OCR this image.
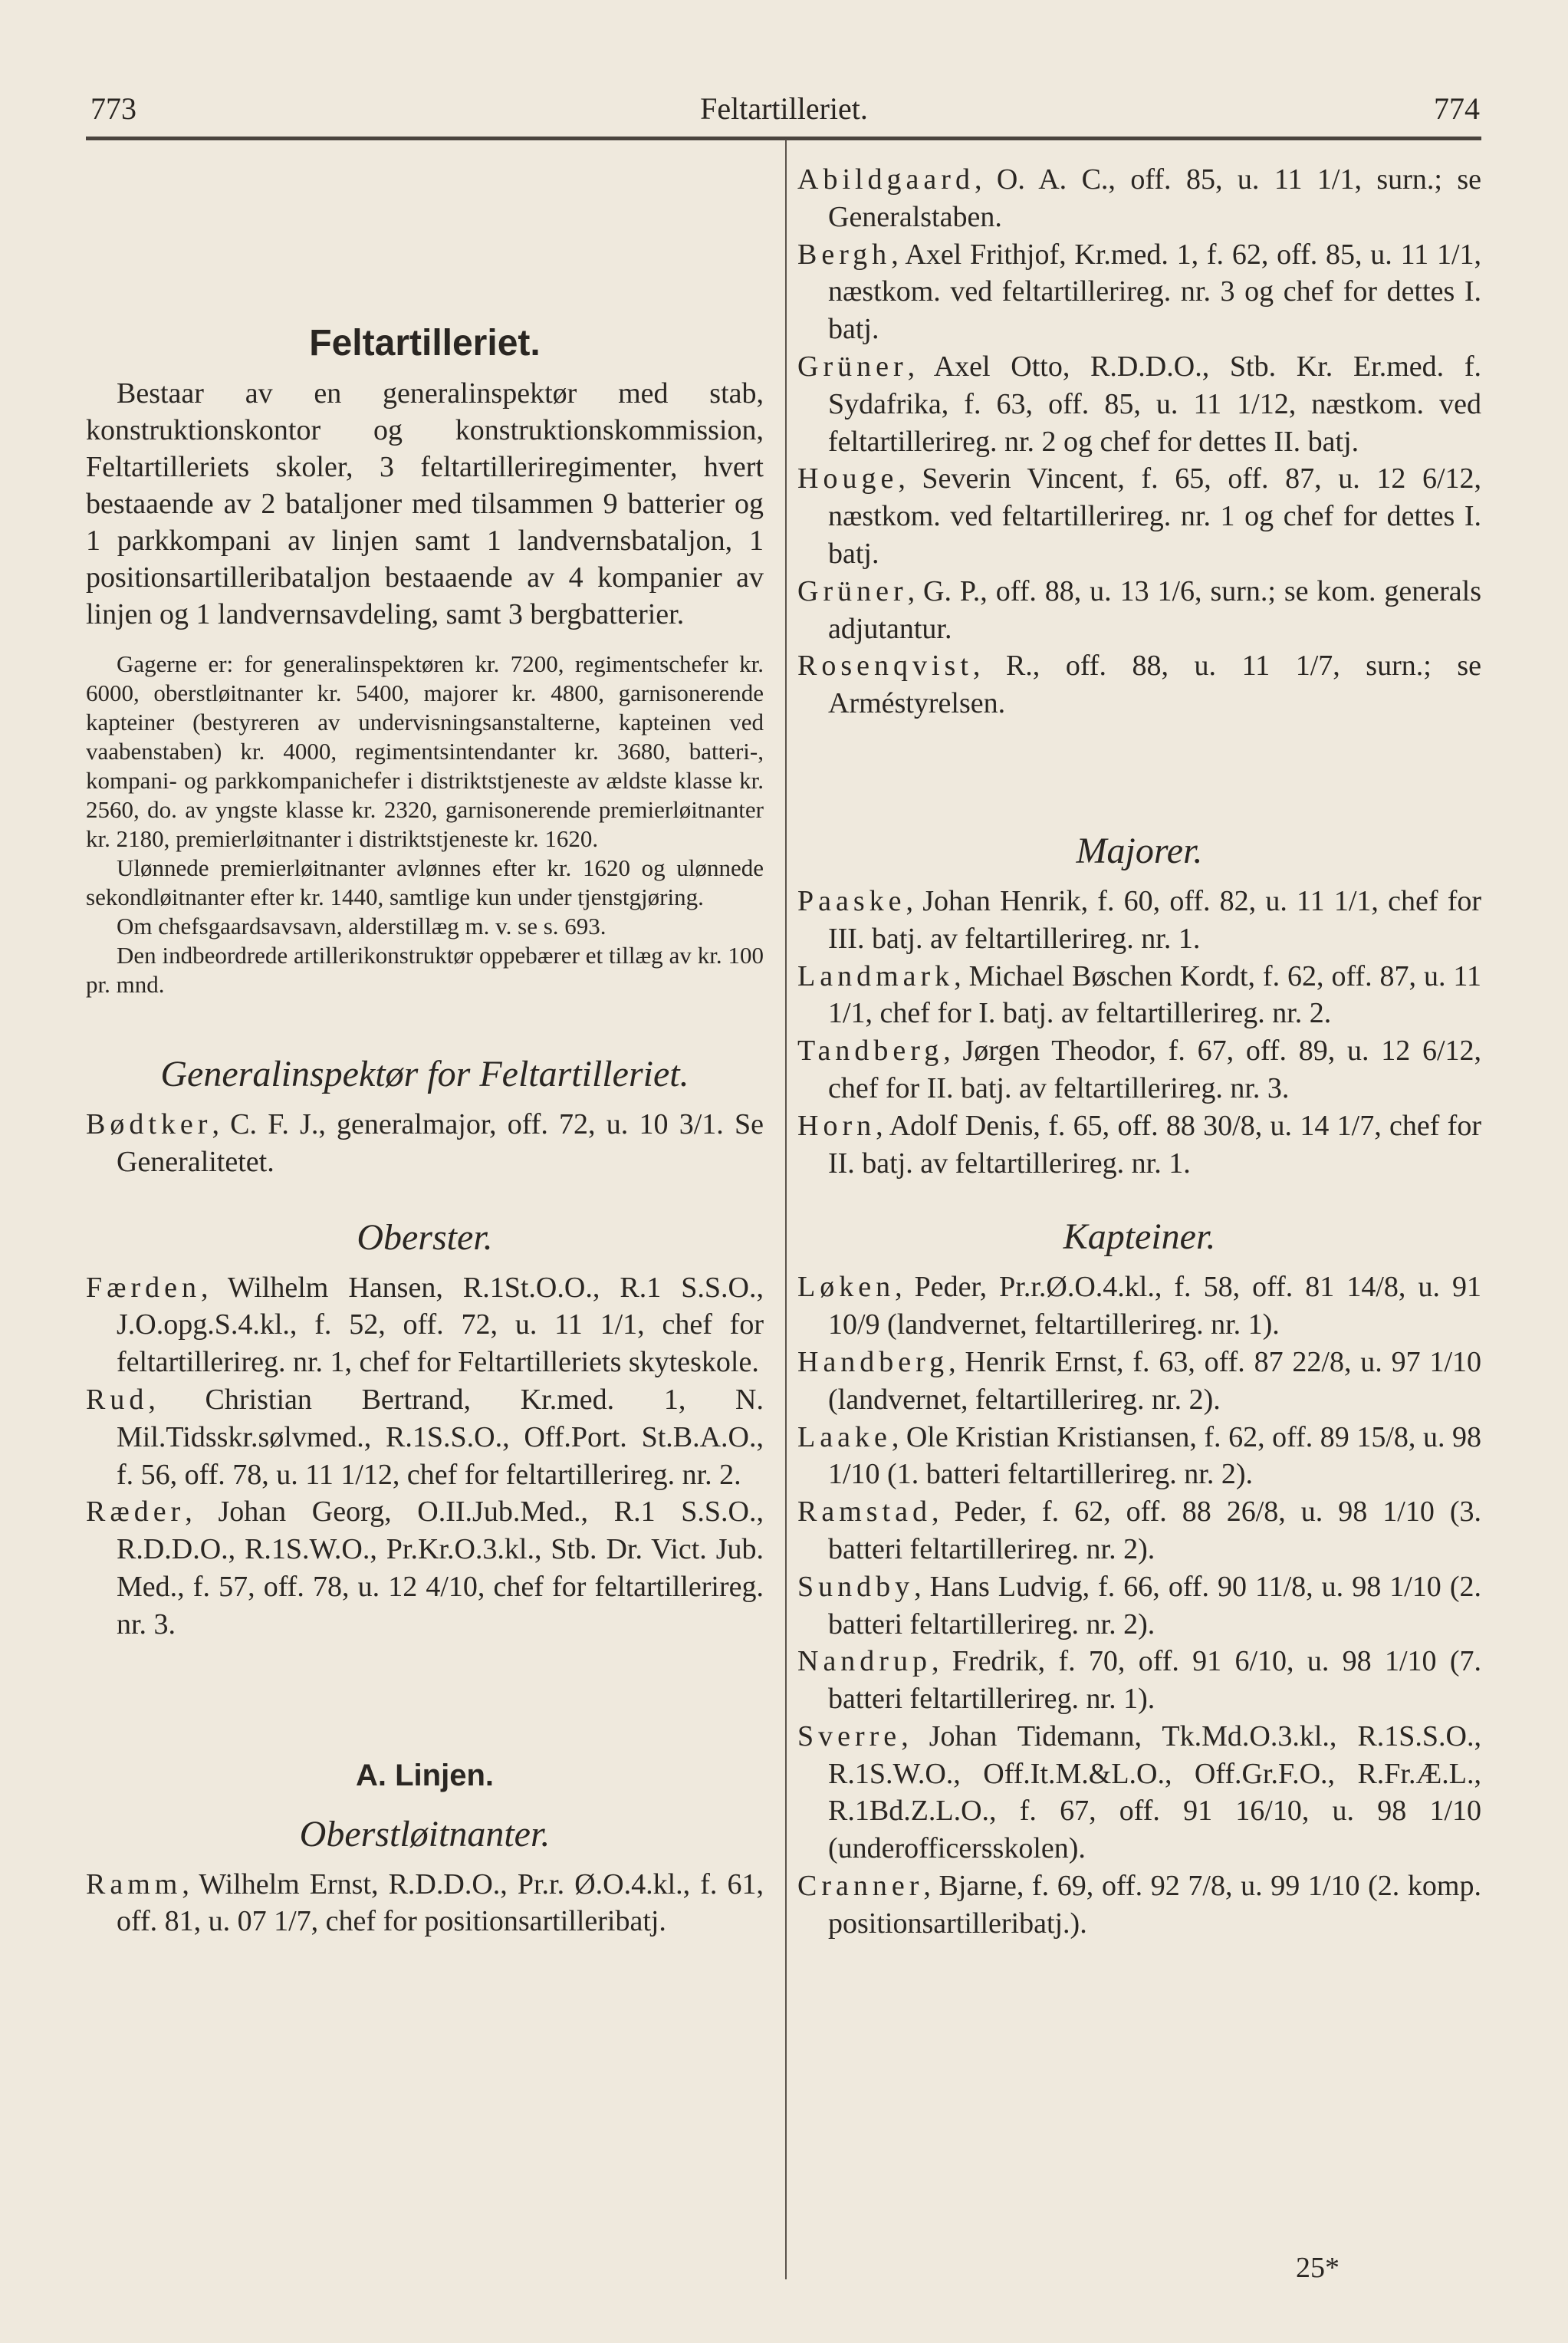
773	Feltartilleriet.	774

Feltartilleriet.

Bestaar av en generalinspektør med stab, konstruktionskontor og konstruktionskommission, Feltartilleriets skoler, 3 feltartilleriregimenter, hvert bestaaende av 2 bataljoner med tilsammen 9 batterier og 1 parkkompani av linjen samt 1 landvernsbataljon, 1 positionsartilleribataljon bestaaende av 4 kompanier av linjen og 1 landvernsavdeling, samt 3 bergbatterier.

Gagerne er: for generalinspektøren kr. 7200, regimentschefer kr. 6000, oberstløitnanter kr. 5400, majorer kr. 4800, garnisonerende kapteiner (bestyreren av undervisningsanstalterne, kapteinen ved vaabenstaben) kr. 4000, regimentsintendanter kr. 3680, batteri-, kompani- og parkkompanichefer i distriktstjeneste av ældste klasse kr. 2560, do. av yngste klasse kr. 2320, garnisonerende premierløitnanter kr. 2180, premierløitnanter i distriktstjeneste kr. 1620.

Ulønnede premierløitnanter avlønnes efter kr. 1620 og ulønnede sekondløitnanter efter kr. 1440, samtlige kun under tjenstgjøring.

Om chefsgaardsavsavn, alderstillæg m. v. se s. 693.

Den indbeordrede artillerikonstruktør oppebærer et tillæg av kr. 100 pr. mnd.

Generalinspektør for Feltartilleriet.

Bødtker, C. F. J., generalmajor, off. 72, u. 10 3/1. Se Generalitetet.

Oberster.

Færden, Wilhelm Hansen, R.1St.O.O., R.1 S.S.O., J.O.opg.S.4.kl., f. 52, off. 72, u. 11 1/1, chef for feltartillerireg. nr. 1, chef for Feltartilleriets skyteskole.

Rud, Christian Bertrand, Kr.med. 1, N. Mil.Tidsskr.sølvmed., R.1S.S.O., Off.Port. St.B.A.O., f. 56, off. 78, u. 11 1/12, chef for feltartillerireg. nr. 2.

Ræder, Johan Georg, O.II.Jub.Med., R.1 S.S.O., R.D.D.O., R.1S.W.O., Pr.Kr.O.3.kl., Stb. Dr. Vict. Jub. Med., f. 57, off. 78, u. 12 4/10, chef for feltartillerireg. nr. 3.

A. Linjen.

Oberstløitnanter.

Ramm, Wilhelm Ernst, R.D.D.O., Pr.r. Ø.O.4.kl., f. 61, off. 81, u. 07 1/7, chef for positionsartilleribatj.

Abildgaard, O. A. C., off. 85, u. 11 1/1, surn.; se Generalstaben.

Bergh, Axel Frithjof, Kr.med. 1, f. 62, off. 85, u. 11 1/1, næstkom. ved feltartillerireg. nr. 3 og chef for dettes I. batj.

Grüner, Axel Otto, R.D.D.O., Stb. Kr. Er.med. f. Sydafrika, f. 63, off. 85, u. 11 1/12, næstkom. ved feltartillerireg. nr. 2 og chef for dettes II. batj.

Houge, Severin Vincent, f. 65, off. 87, u. 12 6/12, næstkom. ved feltartillerireg. nr. 1 og chef for dettes I. batj.

Grüner, G. P., off. 88, u. 13 1/6, surn.; se kom. generals adjutantur.

Rosenqvist, R., off. 88, u. 11 1/7, surn.; se Arméstyrelsen.

Majorer.

Paaske, Johan Henrik, f. 60, off. 82, u. 11 1/1, chef for III. batj. av feltartillerireg. nr. 1.

Landmark, Michael Bøschen Kordt, f. 62, off. 87, u. 11 1/1, chef for I. batj. av feltartillerireg. nr. 2.

Tandberg, Jørgen Theodor, f. 67, off. 89, u. 12 6/12, chef for II. batj. av feltartillerireg. nr. 3.

Horn, Adolf Denis, f. 65, off. 88 30/8, u. 14 1/7, chef for II. batj. av feltartillerireg. nr. 1.

Kapteiner.

Løken, Peder, Pr.r.Ø.O.4.kl., f. 58, off. 81 14/8, u. 91 10/9 (landvernet, feltartillerireg. nr. 1).

Handberg, Henrik Ernst, f. 63, off. 87 22/8, u. 97 1/10 (landvernet, feltartillerireg. nr. 2).

Laake, Ole Kristian Kristiansen, f. 62, off. 89 15/8, u. 98 1/10 (1. batteri feltartillerireg. nr. 2).

Ramstad, Peder, f. 62, off. 88 26/8, u. 98 1/10 (3. batteri feltartillerireg. nr. 2).

Sundby, Hans Ludvig, f. 66, off. 90 11/8, u. 98 1/10 (2. batteri feltartillerireg. nr. 2).

Nandrup, Fredrik, f. 70, off. 91 6/10, u. 98 1/10 (7. batteri feltartillerireg. nr. 1).

Sverre, Johan Tidemann, Tk.Md.O.3.kl., R.1S.S.O., R.1S.W.O., Off.It.M.&L.O., Off.Gr.F.O., R.Fr.Æ.L., R.1Bd.Z.L.O., f. 67, off. 91 16/10, u. 98 1/10 (underofficersskolen).

Cranner, Bjarne, f. 69, off. 92 7/8, u. 99 1/10 (2. komp. positionsartilleribatj.).

25*
